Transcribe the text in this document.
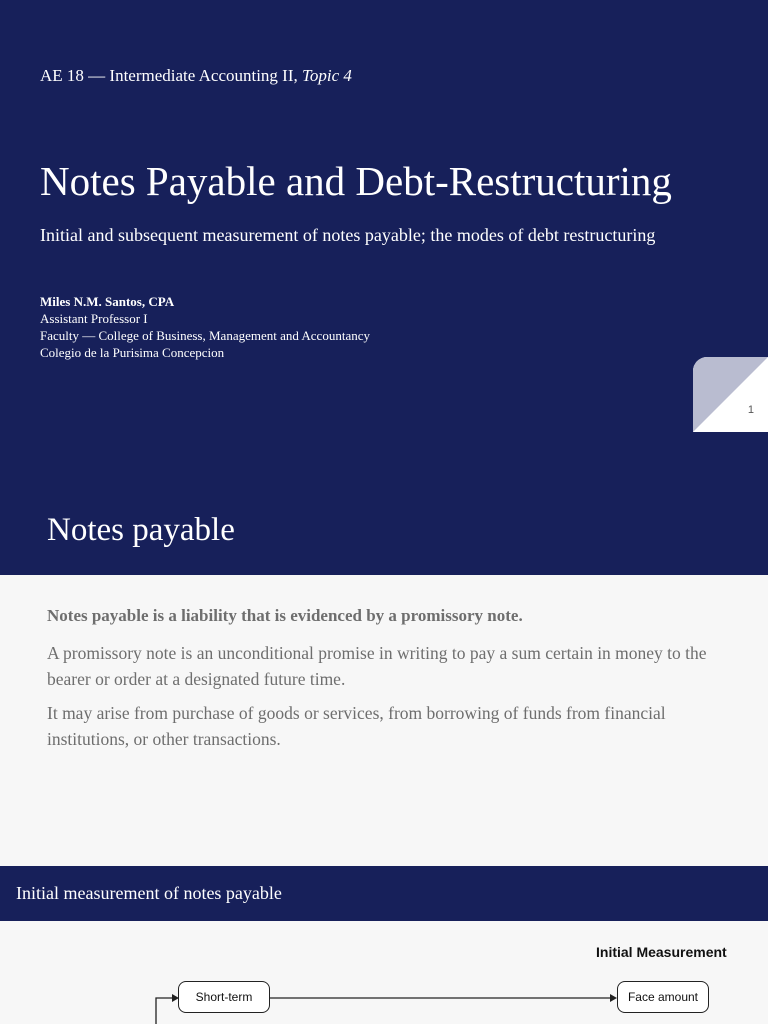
AE 18 — Intermediate Accounting II, Topic 4
Notes Payable and Debt-Restructuring
Initial and subsequent measurement of notes payable; the modes of debt restructuring
Miles N.M. Santos, CPA
Assistant Professor I
Faculty — College of Business, Management and Accountancy
Colegio de la Purisima Concepcion
1
Notes payable
Notes payable is a liability that is evidenced by a promissory note.

A promissory note is an unconditional promise in writing to pay a sum certain in money to the bearer or order at a designated future time.

It may arise from purchase of goods or services, from borrowing of funds from financial institutions, or other transactions.

Initial measurement of notes payable
Initial Measurement
Short-term	Face amount
